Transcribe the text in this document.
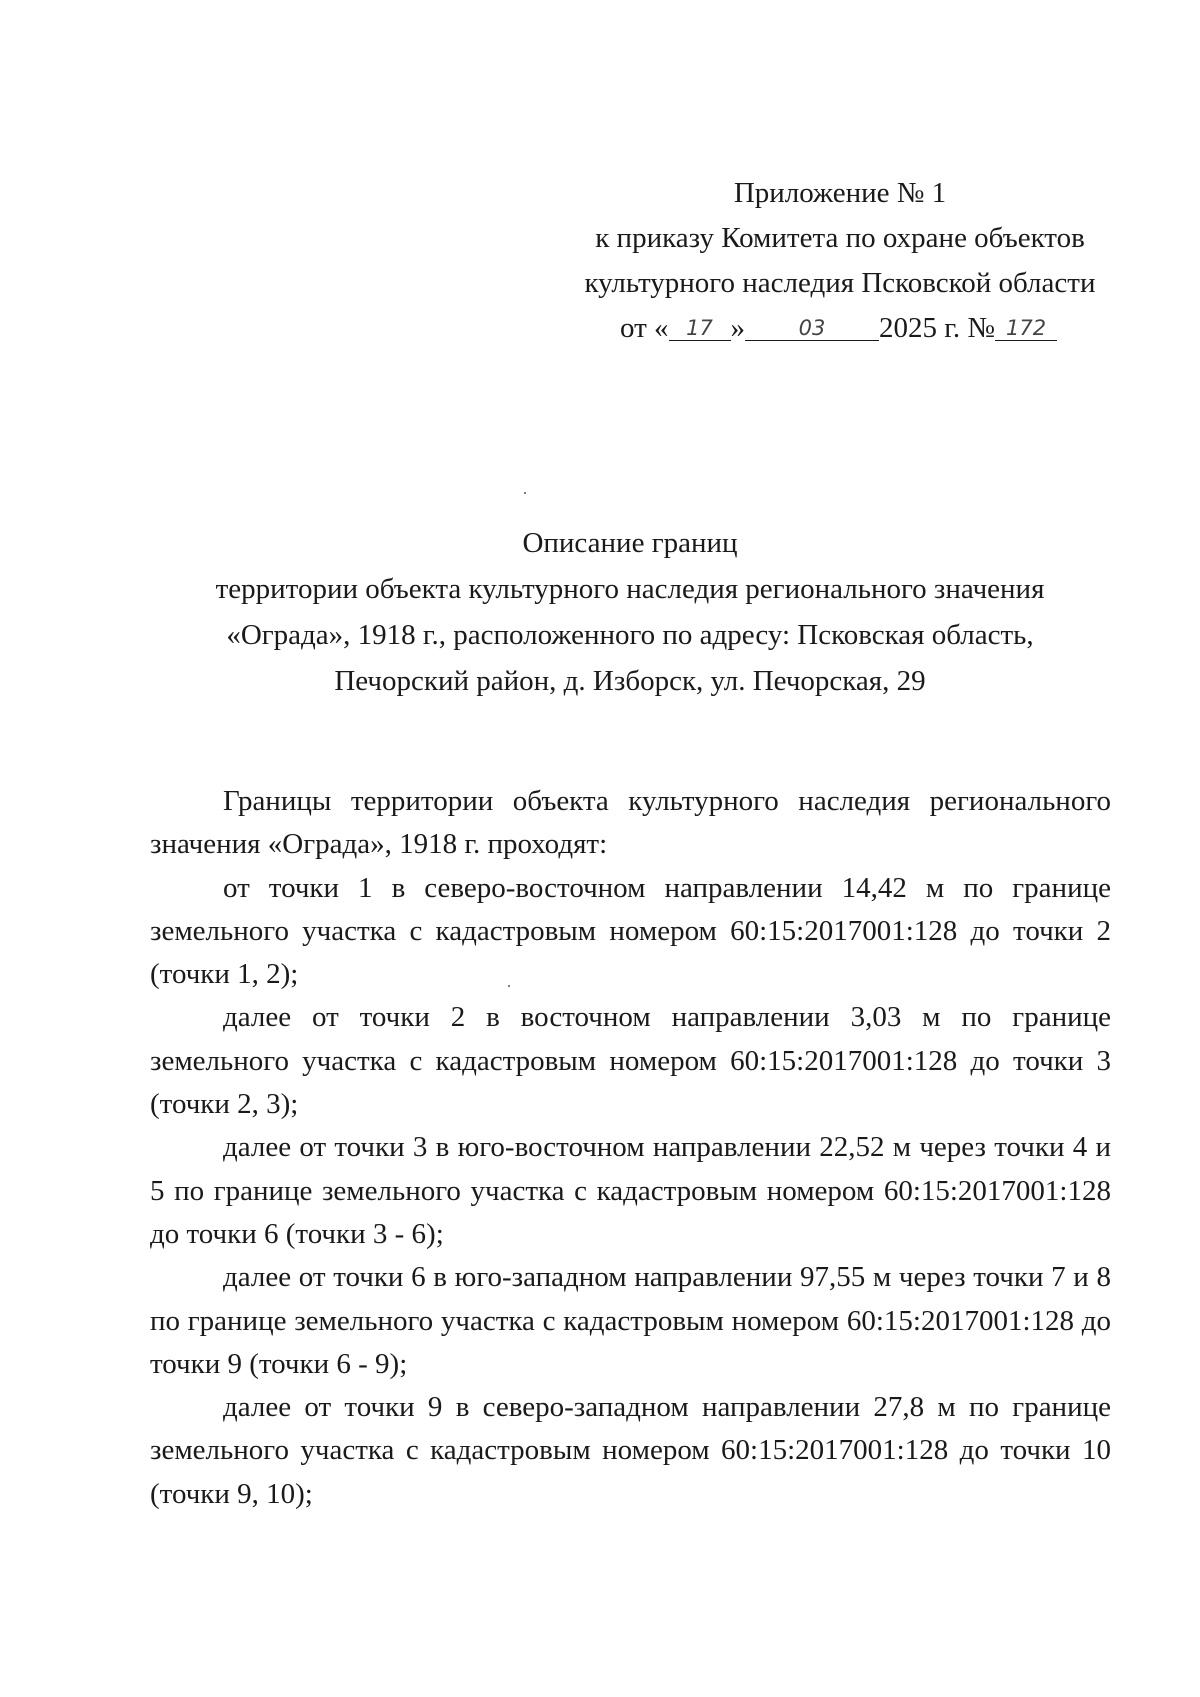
Приложение № 1
к приказу Комитета по охране объектов
культурного наследия Псковской области
от « 17 »	03 2025 г. № 172
Описание границ
территории объекта культурного наследия регионального значения
«Ограда», 1918 г., расположенного по адресу: Псковская область,
Печорский район, д. Изборск, ул. Печорская, 29

Границы территории объекта культурного наследия регионального значения «Ограда», 1918 г. проходят:

от точки 1 в северо-восточном направлении 14,42 м по границе земельного участка с кадастровым номером 60:15:2017001:128 до точки 2 (точки 1, 2);

далее от точки 2 в восточном направлении 3,03 м по границе земельного участка с кадастровым номером 60:15:2017001:128 до точки 3 (точки 2, 3);

далее от точки 3 в юго-восточном направлении 22,52 м через точки 4 и 5 по границе земельного участка с кадастровым номером 60:15:2017001:128 до точки 6 (точки 3 - 6);

далее от точки 6 в юго-западном направлении 97,55 м через точки 7 и 8 по границе земельного участка с кадастровым номером 60:15:2017001:128 до точки 9 (точки 6 - 9);

далее от точки 9 в северо-западном направлении 27,8 м по границе земельного участка с кадастровым номером 60:15:2017001:128 до точки 10 (точки 9, 10);
